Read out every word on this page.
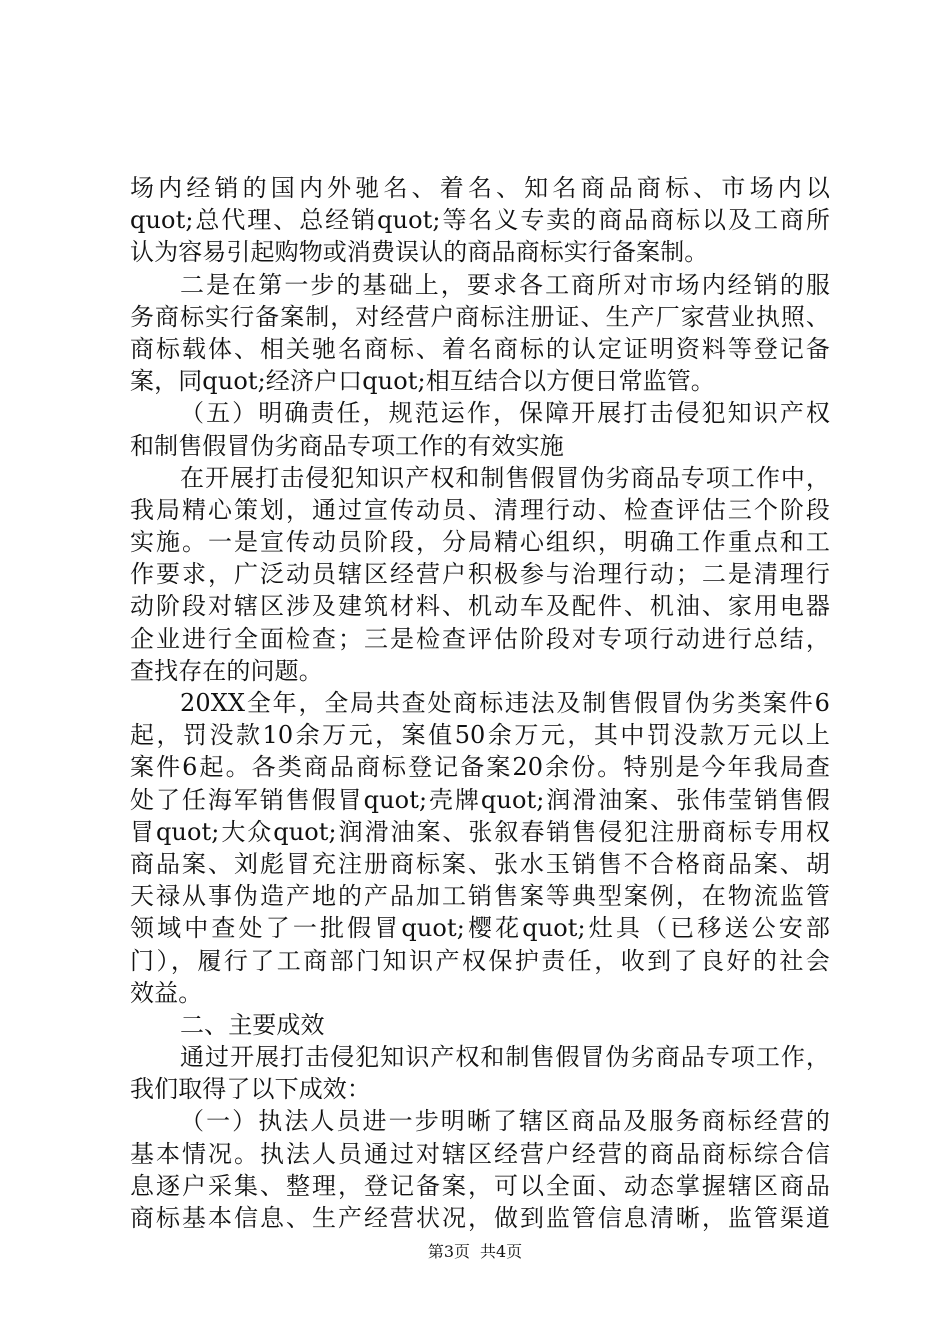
场内经销的国内外驰名、着名、知名商品商标、市场内以
quot;总代理、总经销quot;等名义专卖的商品商标以及工商所
认为容易引起购物或消费误认的商品商标实行备案制。
二是在第一步的基础上，要求各工商所对市场内经销的服
务商标实行备案制，对经营户商标注册证、生产厂家营业执照、
商标载体、相关驰名商标、着名商标的认定证明资料等登记备
案，同quot;经济户口quot;相互结合以方便日常监管。
（五）明确责任，规范运作，保障开展打击侵犯知识产权
和制售假冒伪劣商品专项工作的有效实施
在开展打击侵犯知识产权和制售假冒伪劣商品专项工作中，
我局精心策划，通过宣传动员、清理行动、检查评估三个阶段
实施。一是宣传动员阶段，分局精心组织，明确工作重点和工
作要求，广泛动员辖区经营户积极参与治理行动；二是清理行
动阶段对辖区涉及建筑材料、机动车及配件、机油、家用电器
企业进行全面检查；三是检查评估阶段对专项行动进行总结，
查找存在的问题。
20XX全年，全局共查处商标违法及制售假冒伪劣类案件6
起，罚没款10余万元，案值50余万元，其中罚没款万元以上
案件6起。各类商品商标登记备案20余份。特别是今年我局查
处了任海军销售假冒quot;壳牌quot;润滑油案、张伟莹销售假
冒quot;大众quot;润滑油案、张叙春销售侵犯注册商标专用权
商品案、刘彪冒充注册商标案、张水玉销售不合格商品案、胡
天禄从事伪造产地的产品加工销售案等典型案例，在物流监管
领域中查处了一批假冒quot;樱花quot;灶具（已移送公安部
门），履行了工商部门知识产权保护责任，收到了良好的社会
效益。
二、主要成效
通过开展打击侵犯知识产权和制售假冒伪劣商品专项工作，
我们取得了以下成效：
（一）执法人员进一步明晰了辖区商品及服务商标经营的
基本情况。执法人员通过对辖区经营户经营的商品商标综合信
息逐户采集、整理，登记备案，可以全面、动态掌握辖区商品
商标基本信息、生产经营状况，做到监管信息清晰，监管渠道
第3页 共4页
